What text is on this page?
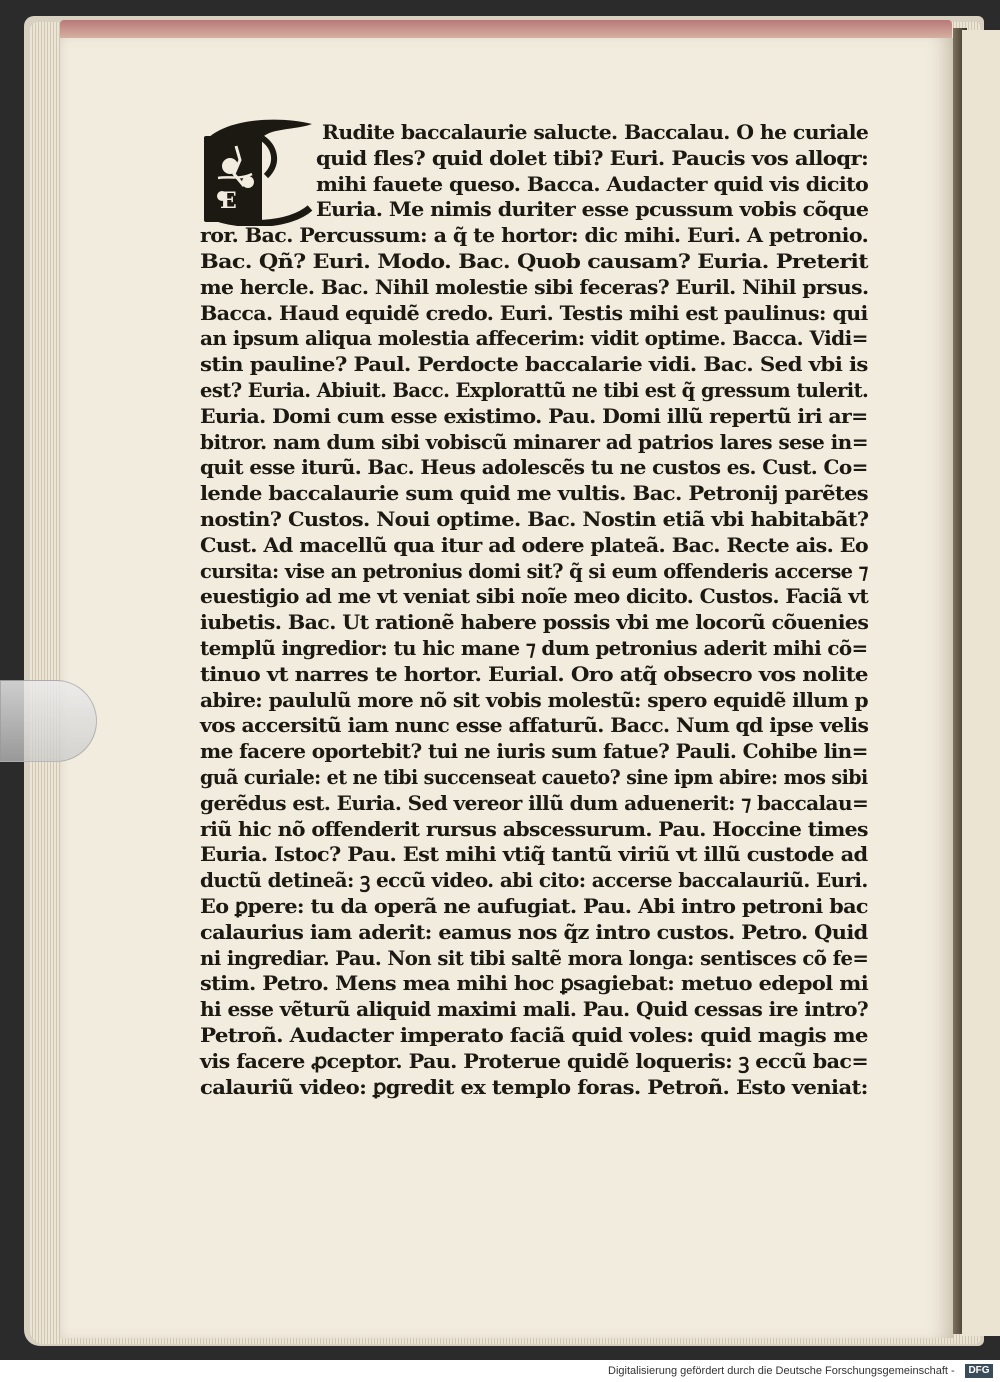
E
Rudite baccalaurie salucte. Baccalau. O he curiale
quid fles? quid dolet tibi? Euri. Paucis vos alloqr:
mihi fauete queso. Bacca. Audacter quid vis dicito
Euria. Me nimis duriter esse pcussum vobis cõque
ror. Bac. Percussum: a q̃ te hortor: dic mihi. Euri. A petronio.
Bac. Qñ? Euri. Modo. Bac. Quob causam? Euria. Preterit
me hercle. Bac. Nihil molestie sibi feceras? Euril. Nihil prsus.
Bacca. Haud equidẽ credo. Euri. Testis mihi est paulinus: qui
an ipsum aliqua molestia affecerim: vidit optime. Bacca. Vidi=
stin pauline? Paul. Perdocte baccalarie vidi. Bac. Sed vbi is
est? Euria. Abiuit. Bacc. Explorattũ ne tibi est q̃ gressum tulerit.
Euria. Domi cum esse existimo. Pau. Domi illũ repertũ iri ar=
bitror. nam dum sibi vobiscũ minarer ad patrios lares sese in=
quit esse iturũ. Bac. Heus adolescẽs tu ne custos es. Cust. Co=
lende baccalaurie sum quid me vultis. Bac. Petronij parẽtes
nostin? Custos. Noui optime. Bac. Nostin etiã vbi habitabãt?
Cust. Ad macellũ qua itur ad odere plateã. Bac. Recte ais. Eo
cursita: vise an petronius domi sit? q̃ si eum offenderis accerse ⁊
euestigio ad me vt veniat sibi noĩe meo dicito. Custos. Faciã vt
iubetis. Bac. Ut rationẽ habere possis vbi me locorũ cõuenies
templũ ingredior: tu hic mane ⁊ dum petronius aderit mihi cõ=
tinuo vt narres te hortor. Eurial. Oro atq̃ obsecro vos nolite
abire: paululũ more nõ sit vobis molestũ: spero equidẽ illum p
vos accersitũ iam nunc esse affaturũ. Bacc. Num qd ipse velis
me facere oportebit? tui ne iuris sum fatue? Pauli. Cohibe lin=
guã curiale: et ne tibi succenseat caueto? sine ipm abire: mos sibi
gerẽdus est. Euria. Sed vereor illũ dum aduenerit: ⁊ baccalau=
riũ hic nõ offenderit rursus abscessurum. Pau. Hoccine times
Euria. Istoc? Pau. Est mihi vtiq̃ tantũ viriũ vt illũ custode ad
ductũ detineã: ꝫ eccũ video. abi cito: accerse baccalauriũ. Euri.
Eo ꝑpere: tu da operã ne aufugiat. Pau. Abi intro petroni bac
calaurius iam aderit: eamus nos q̃z intro custos. Petro. Quid
ni ingrediar. Pau. Non sit tibi saltẽ mora longa: sentisces cõ fe=
stim. Petro. Mens mea mihi hoc ꝑsagiebat: metuo edepol mi
hi esse vẽturũ aliquid maximi mali. Pau. Quid cessas ire intro?
Petroñ. Audacter imperato faciã quid voles: quid magis me
vis facere ꝓceptor. Pau. Proterue quidẽ loqueris: ꝫ eccũ bac=
calauriũ video: ꝑgredit ex templo foras. Petroñ. Esto veniat:
Digitalisierung gefördert durch die Deutsche Forschungsgemeinschaft -	DFG
